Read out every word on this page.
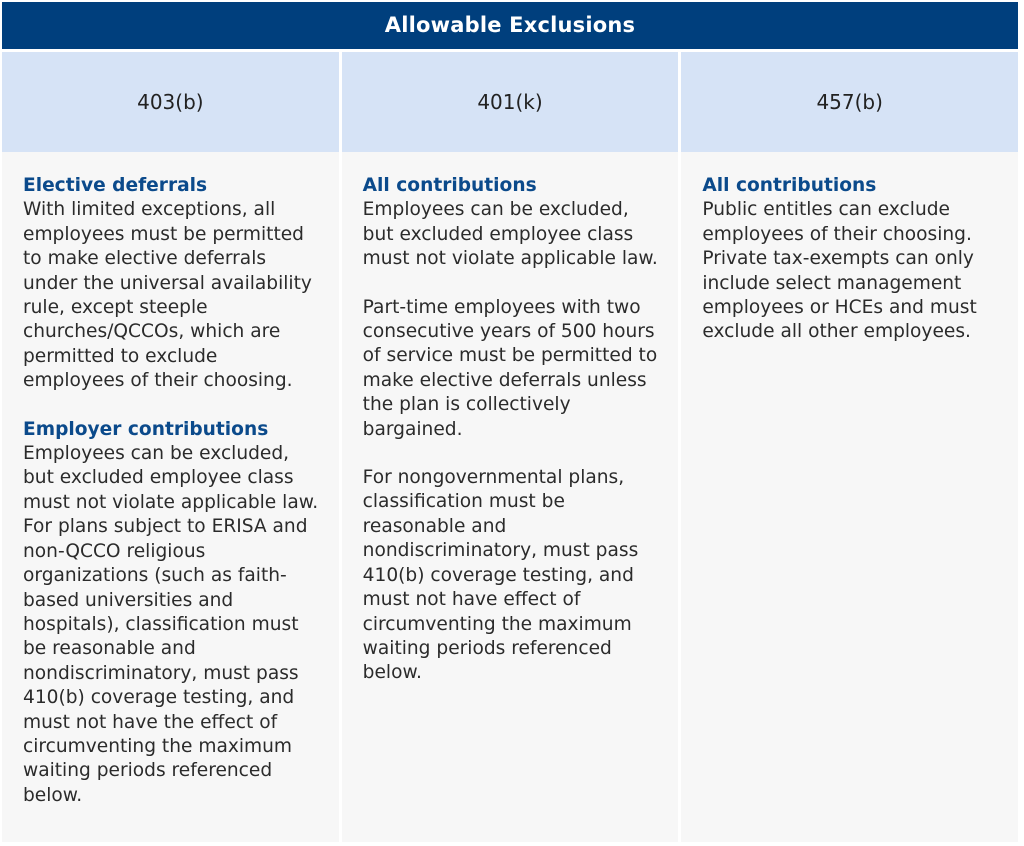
Allowable Exclusions
403(b)	401(k)	457(b)
Elective deferrals

With limited exceptions, all employees must be permitted to make elective deferrals under the universal availability rule, except steeple churches/QCCOs, which are permitted to exclude employees of their choosing.

Employer contributions

Employees can be excluded, but excluded employee class must not violate applicable law. For plans subject to ERISA and non-QCCO religious organizations (such as faith-based universities and hospitals), classification must be reasonable and nondiscriminatory, must pass 410(b) coverage testing, and must not have the effect of circumventing the maximum waiting periods referenced below.

All contributions

Employees can be excluded, but excluded employee class must not violate applicable law.

Part-time employees with two consecutive years of 500 hours of service must be permitted to make elective deferrals unless the plan is collectively bargained.

For nongovernmental plans, classification must be reasonable and nondiscriminatory, must pass 410(b) coverage testing, and must not have effect of circumventing the maximum waiting periods referenced below.

All contributions

Public entitles can exclude employees of their choosing. Private tax-exempts can only include select management employees or HCEs and must exclude all other employees.
